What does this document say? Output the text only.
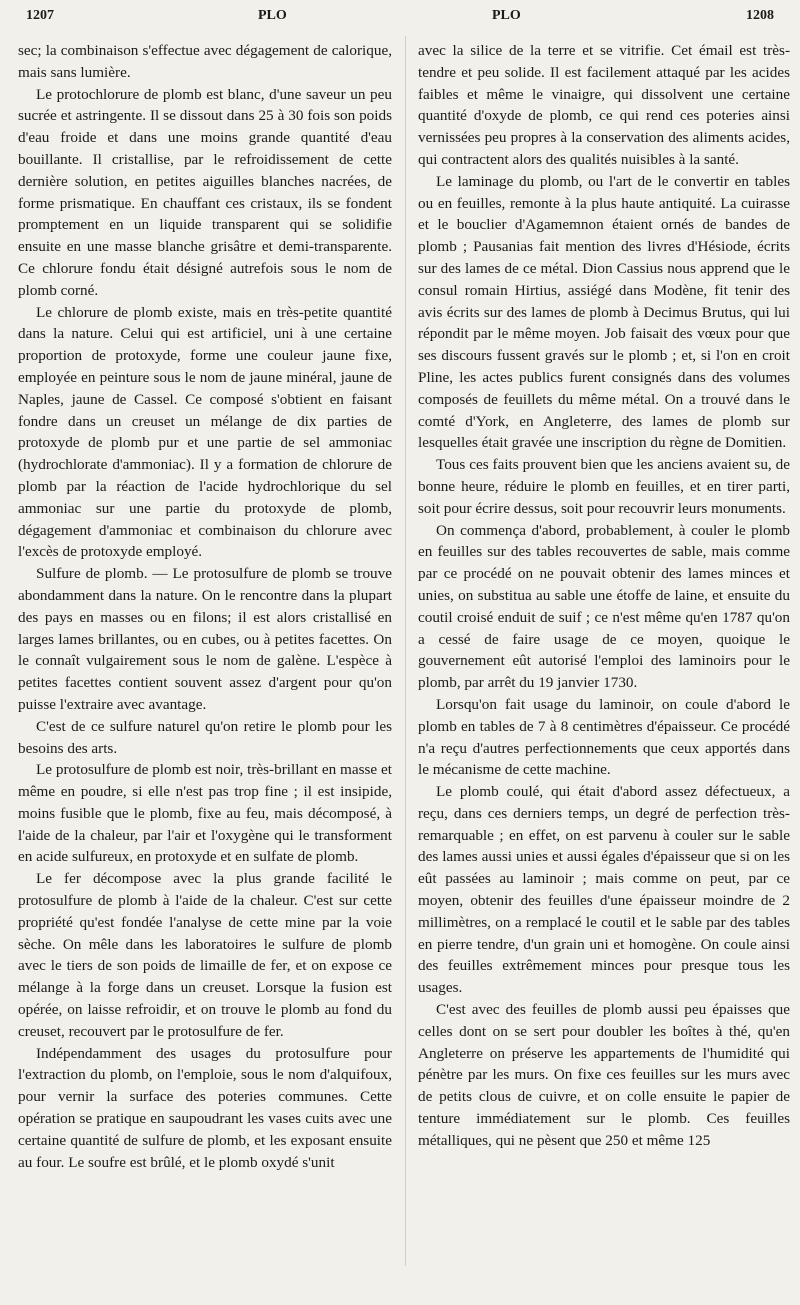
1207	PLO	PLO	1208

sec; la combinaison s'effectue avec dégagement de calorique, mais sans lumière.

Le protochlorure de plomb est blanc, d'une saveur un peu sucrée et astringente. Il se dissout dans 25 à 30 fois son poids d'eau froide et dans une moins grande quantité d'eau bouillante. Il cristallise, par le refroidissement de cette dernière solution, en petites aiguilles blanches nacrées, de forme prismatique. En chauffant ces cristaux, ils se fondent promptement en un liquide transparent qui se solidifie ensuite en une masse blanche grisâtre et demi-transparente. Ce chlorure fondu était désigné autrefois sous le nom de plomb corné.

Le chlorure de plomb existe, mais en très-petite quantité dans la nature. Celui qui est artificiel, uni à une certaine proportion de protoxyde, forme une couleur jaune fixe, employée en peinture sous le nom de jaune minéral, jaune de Naples, jaune de Cassel. Ce composé s'obtient en faisant fondre dans un creuset un mélange de dix parties de protoxyde de plomb pur et une partie de sel ammoniac (hydrochlorate d'ammoniac). Il y a formation de chlorure de plomb par la réaction de l'acide hydrochlorique du sel ammoniac sur une partie du protoxyde de plomb, dégagement d'ammoniac et combinaison du chlorure avec l'excès de protoxyde employé.

Sulfure de plomb. — Le protosulfure de plomb se trouve abondamment dans la nature. On le rencontre dans la plupart des pays en masses ou en filons; il est alors cristallisé en larges lames brillantes, ou en cubes, ou à petites facettes. On le connaît vulgairement sous le nom de galène. L'espèce à petites facettes contient souvent assez d'argent pour qu'on puisse l'extraire avec avantage.

C'est de ce sulfure naturel qu'on retire le plomb pour les besoins des arts.

Le protosulfure de plomb est noir, très-brillant en masse et même en poudre, si elle n'est pas trop fine ; il est insipide, moins fusible que le plomb, fixe au feu, mais décomposé, à l'aide de la chaleur, par l'air et l'oxygène qui le transforment en acide sulfureux, en protoxyde et en sulfate de plomb.

Le fer décompose avec la plus grande facilité le protosulfure de plomb à l'aide de la chaleur. C'est sur cette propriété qu'est fondée l'analyse de cette mine par la voie sèche. On mêle dans les laboratoires le sulfure de plomb avec le tiers de son poids de limaille de fer, et on expose ce mélange à la forge dans un creuset. Lorsque la fusion est opérée, on laisse refroidir, et on trouve le plomb au fond du creuset, recouvert par le protosulfure de fer.

Indépendamment des usages du protosulfure pour l'extraction du plomb, on l'emploie, sous le nom d'alquifoux, pour vernir la surface des poteries communes. Cette opération se pratique en saupoudrant les vases cuits avec une certaine quantité de sulfure de plomb, et les exposant ensuite au four. Le soufre est brûlé, et le plomb oxydé s'unit

avec la silice de la terre et se vitrifie. Cet émail est très-tendre et peu solide. Il est facilement attaqué par les acides faibles et même le vinaigre, qui dissolvent une certaine quantité d'oxyde de plomb, ce qui rend ces poteries ainsi vernissées peu propres à la conservation des aliments acides, qui contractent alors des qualités nuisibles à la santé.

Le laminage du plomb, ou l'art de le convertir en tables ou en feuilles, remonte à la plus haute antiquité. La cuirasse et le bouclier d'Agamemnon étaient ornés de bandes de plomb ; Pausanias fait mention des livres d'Hésiode, écrits sur des lames de ce métal. Dion Cassius nous apprend que le consul romain Hirtius, assiégé dans Modène, fit tenir des avis écrits sur des lames de plomb à Decimus Brutus, qui lui répondit par le même moyen. Job faisait des vœux pour que ses discours fussent gravés sur le plomb ; et, si l'on en croit Pline, les actes publics furent consignés dans des volumes composés de feuillets du même métal. On a trouvé dans le comté d'York, en Angleterre, des lames de plomb sur lesquelles était gravée une inscription du règne de Domitien.

Tous ces faits prouvent bien que les anciens avaient su, de bonne heure, réduire le plomb en feuilles, et en tirer parti, soit pour écrire dessus, soit pour recouvrir leurs monuments.

On commença d'abord, probablement, à couler le plomb en feuilles sur des tables recouvertes de sable, mais comme par ce procédé on ne pouvait obtenir des lames minces et unies, on substitua au sable une étoffe de laine, et ensuite du coutil croisé enduit de suif ; ce n'est même qu'en 1787 qu'on a cessé de faire usage de ce moyen, quoique le gouvernement eût autorisé l'emploi des laminoirs pour le plomb, par arrêt du 19 janvier 1730.

Lorsqu'on fait usage du laminoir, on coule d'abord le plomb en tables de 7 à 8 centimètres d'épaisseur. Ce procédé n'a reçu d'autres perfectionnements que ceux apportés dans le mécanisme de cette machine.

Le plomb coulé, qui était d'abord assez défectueux, a reçu, dans ces derniers temps, un degré de perfection très-remarquable ; en effet, on est parvenu à couler sur le sable des lames aussi unies et aussi égales d'épaisseur que si on les eût passées au laminoir ; mais comme on peut, par ce moyen, obtenir des feuilles d'une épaisseur moindre de 2 millimètres, on a remplacé le coutil et le sable par des tables en pierre tendre, d'un grain uni et homogène. On coule ainsi des feuilles extrêmement minces pour presque tous les usages.

C'est avec des feuilles de plomb aussi peu épaisses que celles dont on se sert pour doubler les boîtes à thé, qu'en Angleterre on préserve les appartements de l'humidité qui pénètre par les murs. On fixe ces feuilles sur les murs avec de petits clous de cuivre, et on colle ensuite le papier de tenture immédiatement sur le plomb. Ces feuilles métalliques, qui ne pèsent que 250 et même 125
